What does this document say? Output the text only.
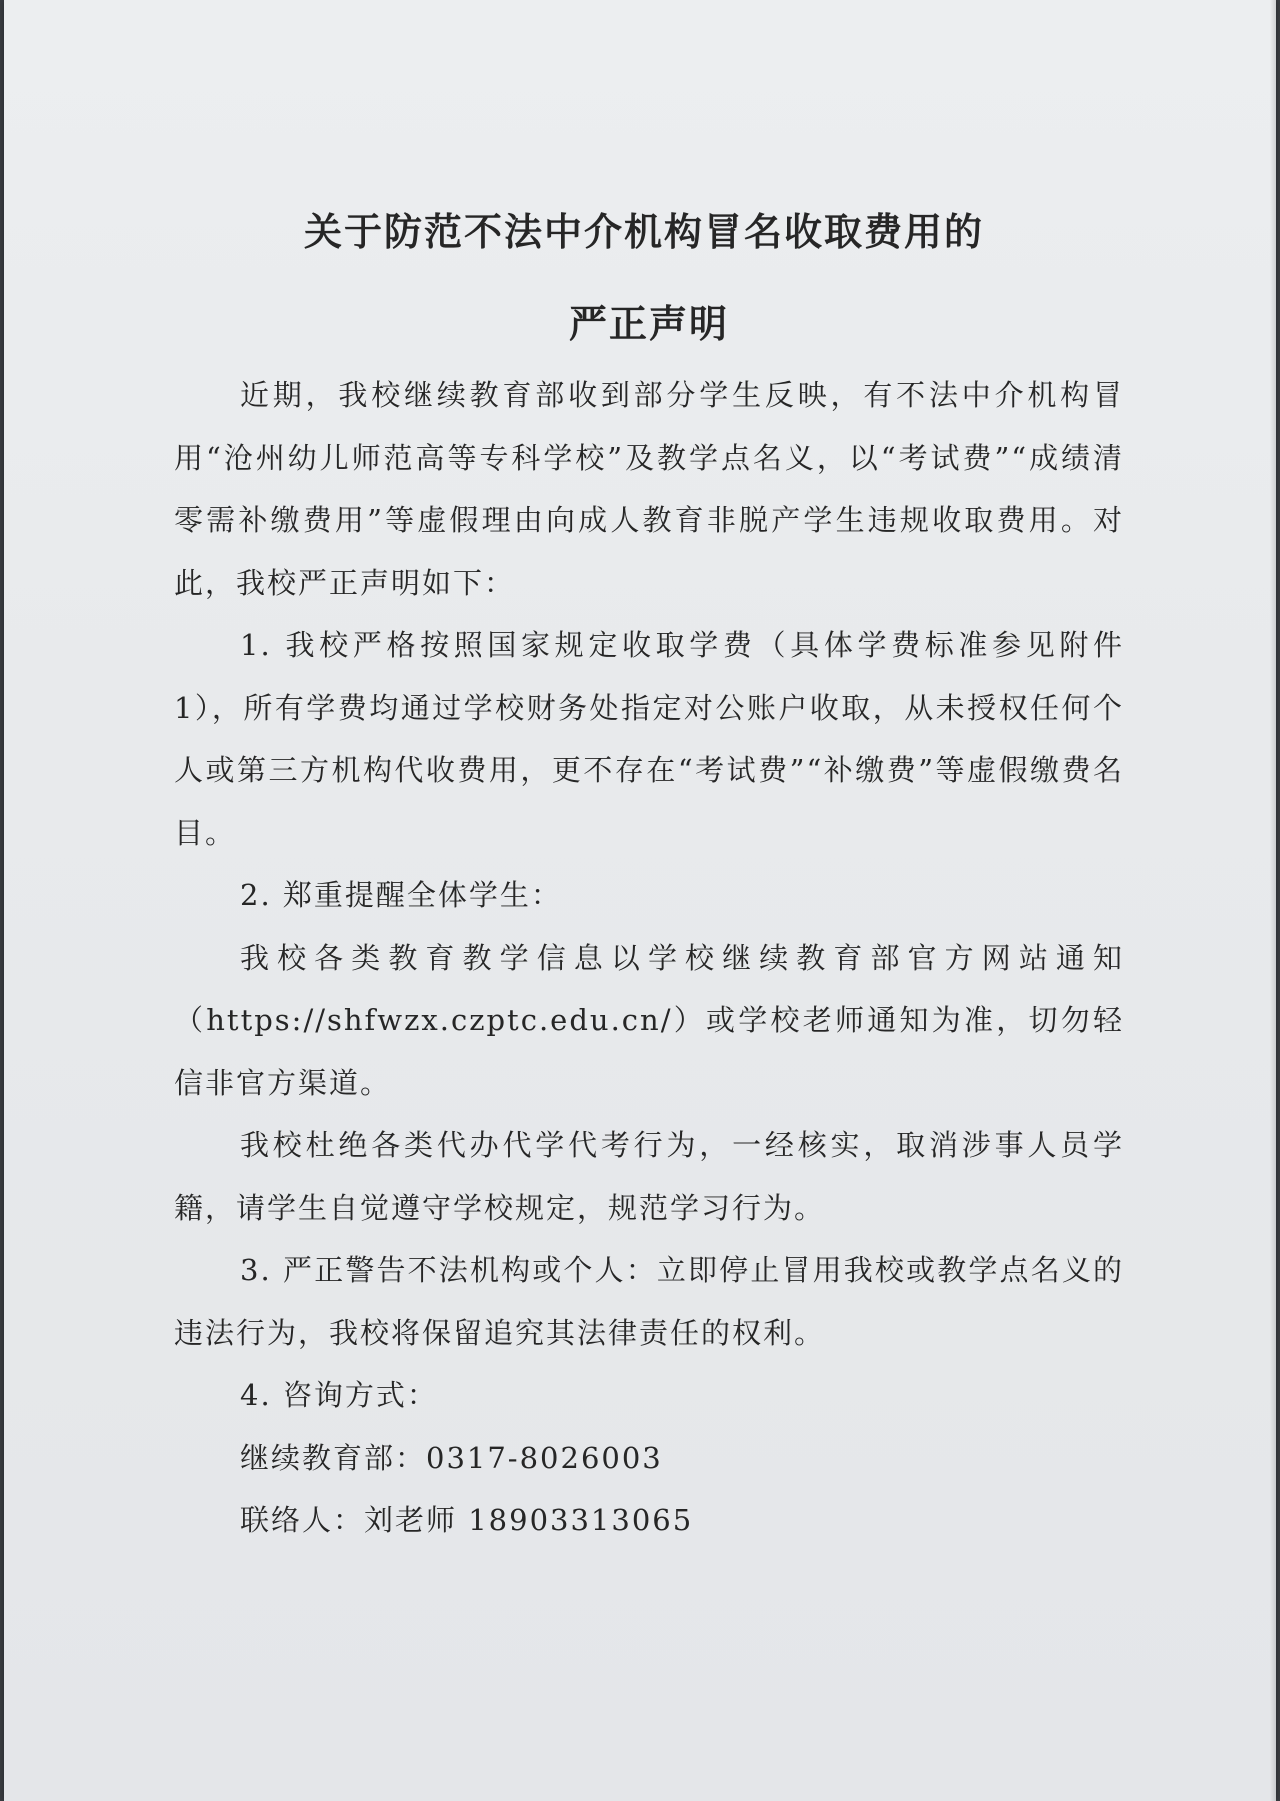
关于防范不法中介机构冒名收取费用的
严正声明

近期，我校继续教育部收到部分学生反映，有不法中介机构冒用“沧州幼儿师范高等专科学校”及教学点名义，以“考试费”“成绩清零需补缴费用”等虚假理由向成人教育非脱产学生违规收取费用。对此，我校严正声明如下：

1. 我校严格按照国家规定收取学费（具体学费标准参见附件1），所有学费均通过学校财务处指定对公账户收取，从未授权任何个人或第三方机构代收费用，更不存在“考试费”“补缴费”等虚假缴费名目。

2. 郑重提醒全体学生：

我校各类教育教学信息以学校继续教育部官方网站通知（https://shfwzx.czptc.edu.cn/）或学校老师通知为准，切勿轻信非官方渠道。

我校杜绝各类代办代学代考行为，一经核实，取消涉事人员学籍，请学生自觉遵守学校规定，规范学习行为。

3. 严正警告不法机构或个人：立即停止冒用我校或教学点名义的违法行为，我校将保留追究其法律责任的权利。

4. 咨询方式：

继续教育部：0317-8026003

联络人：刘老师 18903313065
